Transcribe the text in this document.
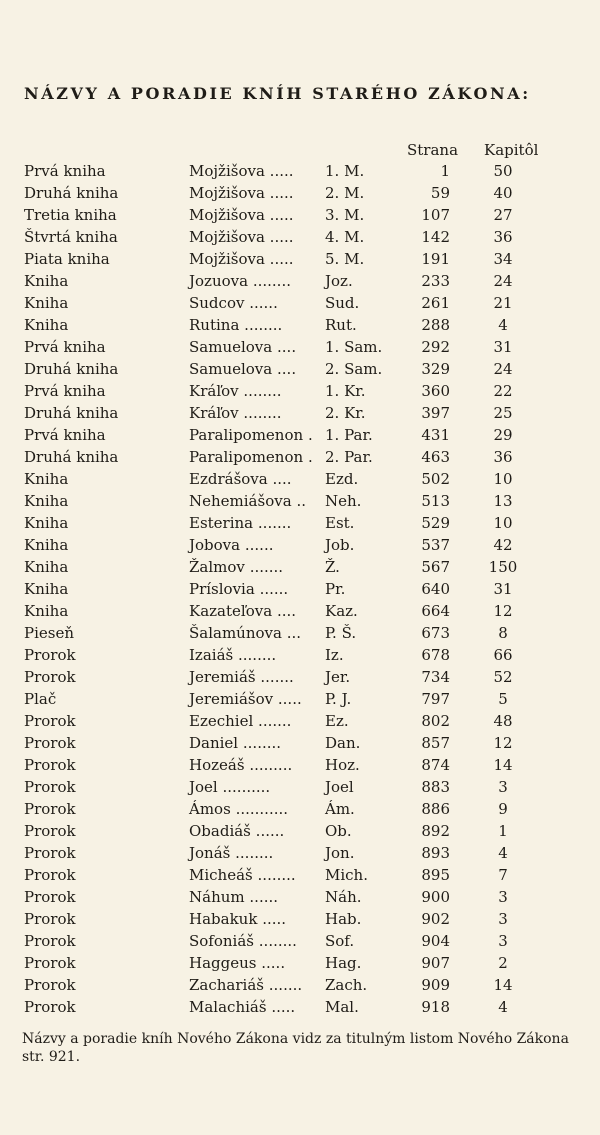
NÁZVY A PORADIE KNÍH STARÉHO ZÁKONA:
Strana Kapitôl
Prvá kniha	Mojžišova ..... 1. M.	1	50
Druhá kniha	Mojžišova ..... 2. M.	59	40
Tretia kniha	Mojžišova ..... 3. M.	107	27
Štvrtá kniha	Mojžišova ..... 4. M.	142	36
Piata kniha	Mojžišova ..... 5. M.	191	34
Kniha	Jozuova ........ Joz.	233	24
Kniha	Sudcov ......	Sud.	261	21
Kniha	Rutina ........	Rut.	288	4
Prvá kniha	Samuelova .... 1. Sam.	292	31
Druhá kniha	Samuelova .... 2. Sam.	329	24
Prvá kniha	Kráľov ........	1. Kr.	360	22
Druhá kniha	Kráľov ........	2. Kr.	397	25
Prvá kniha	Paralipomenon . 1. Par.	431	29
Druhá kniha	Paralipomenon . 2. Par.	463	36
Kniha	Ezdrášova .... Ezd.	502	10
Kniha	Nehemiášova .. Neh.	513	13
Kniha	Esterina ....... Est.	529	10
Kniha	Jobova ......	Job.	537	42
Kniha	Žalmov .......	Ž.	567	150
Kniha	Príslovia ...... Pr.	640	31
Kniha	Kazateľova .... Kaz.	664	12
Pieseň	Šalamúnova ... P. Š.	673	8
Prorok	Izaiáš ........	Iz.	678	66
Prorok	Jeremiáš ....... Jer.	734	52
Plač	Jeremiášov ..... P. J.	797	5
Prorok	Ezechiel ....... Ez.	802	48
Prorok	Daniel ........	Dan.	857	12
Prorok	Hozeáš ......... Hoz.	874	14
Prorok	Joel ..........	Joel	883	3
Prorok	Ámos ........... Ám.	886	9
Prorok	Obadiáš ......	Ob.	892	1
Prorok	Jonáš ........	Jon.	893	4
Prorok	Micheáš ........ Mich.	895	7
Prorok	Náhum ......	Náh.	900	3
Prorok	Habakuk .....	Hab.	902	3
Prorok	Sofoniáš ........ Sof.	904	3
Prorok	Haggeus .....	Hag.	907	2
Prorok	Zachariáš ....... Zach.	909	14
Prorok	Malachiáš ..... Mal.	918	4
Názvy a poradie kníh Nového Zákona vidz za titulným listom Nového Zákona str. 921.
